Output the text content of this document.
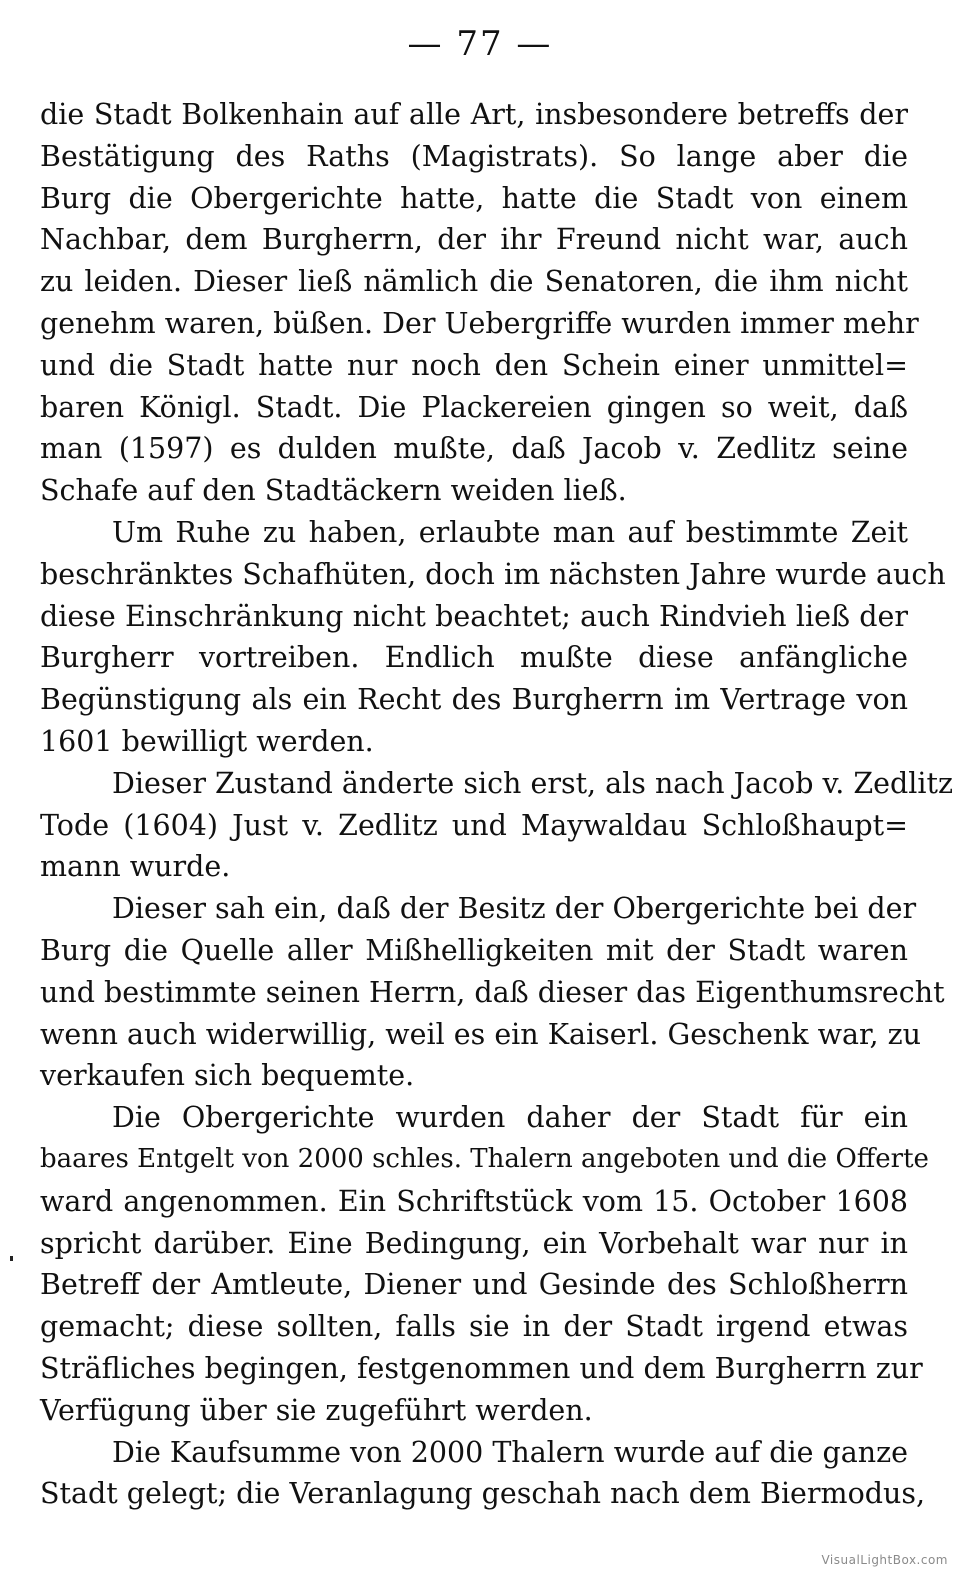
— 77 —
die Stadt Bolkenhain auf alle Art, insbesondere betreffs der
Bestätigung des Raths (Magistrats). So lange aber die
Burg die Obergerichte hatte, hatte die Stadt von einem
Nachbar, dem Burgherrn, der ihr Freund nicht war, auch
zu leiden. Dieser ließ nämlich die Senatoren, die ihm nicht
genehm waren, büßen. Der Uebergriffe wurden immer mehr
und die Stadt hatte nur noch den Schein einer unmittel=
baren Königl. Stadt. Die Plackereien gingen so weit, daß
man (1597) es dulden mußte, daß Jacob v. Zedlitz seine
Schafe auf den Stadtäckern weiden ließ.
Um Ruhe zu haben, erlaubte man auf bestimmte Zeit
beschränktes Schafhüten, doch im nächsten Jahre wurde auch
diese Einschränkung nicht beachtet; auch Rindvieh ließ der
Burgherr vortreiben. Endlich mußte diese anfängliche
Begünstigung als ein Recht des Burgherrn im Vertrage von
1601 bewilligt werden.
Dieser Zustand änderte sich erst, als nach Jacob v. Zedlitz
Tode (1604) Just v. Zedlitz und Maywaldau Schloßhaupt=
mann wurde.
Dieser sah ein, daß der Besitz der Obergerichte bei der
Burg die Quelle aller Mißhelligkeiten mit der Stadt waren
und bestimmte seinen Herrn, daß dieser das Eigenthumsrecht
wenn auch widerwillig, weil es ein Kaiserl. Geschenk war, zu
verkaufen sich bequemte.
Die Obergerichte wurden daher der Stadt für ein
baares Entgelt von 2000 schles. Thalern angeboten und die Offerte
ward angenommen. Ein Schriftstück vom 15. October 1608
spricht darüber. Eine Bedingung, ein Vorbehalt war nur in
Betreff der Amtleute, Diener und Gesinde des Schloßherrn
gemacht; diese sollten, falls sie in der Stadt irgend etwas
Sträfliches begingen, festgenommen und dem Burgherrn zur
Verfügung über sie zugeführt werden.
Die Kaufsumme von 2000 Thalern wurde auf die ganze
Stadt gelegt; die Veranlagung geschah nach dem Biermodus,
VisualLightBox.com
